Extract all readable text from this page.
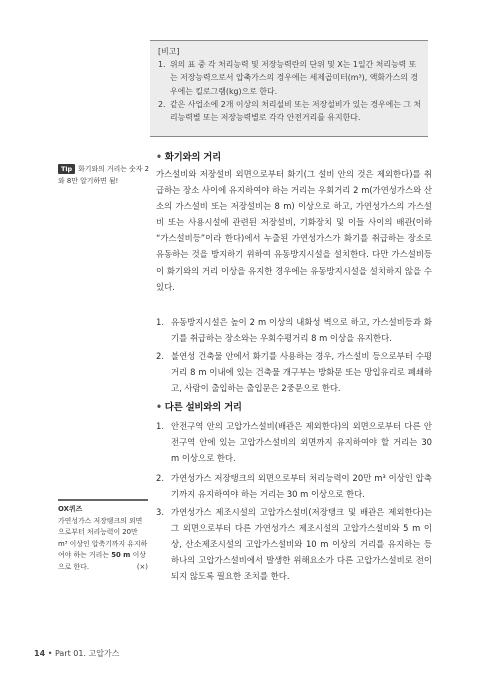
[비고]
1. 위의 표 중 각 처리능력 및 저장능력란의 단위 및 X는 1일간 처리능력 또는 저장능력으로서 압축가스의 경우에는 세제곱미터(m³), 액화가스의 경우에는 킬로그램(kg)으로 한다.
2. 같은 사업소에 2개 이상의 처리설비 또는 저장설비가 있는 경우에는 그 처리능력별 또는 저장능력별로 각각 안전거리를 유지한다.
• 화기와의 거리
가스설비와 저장설비 외면으로부터 화기(그 설비 안의 것은 제외한다)를 취급하는 장소 사이에 유지하여야 하는 거리는 우회거리 2 m(가연성가스와 산소의 가스설비 또는 저장설비는 8 m) 이상으로 하고, 가연성가스의 가스설비 또는 사용시설에 관련된 저장설비, 기화장치 및 이들 사이의 배관(이하 “가스설비등”이라 한다)에서 누출된 가연성가스가 화기를 취급하는 장소로 유동하는 것을 방지하기 위하여 유동방지시설을 설치한다. 다만 가스설비등이 화기와의 거리 이상을 유지한 경우에는 유동방지시설을 설치하지 않을 수 있다.
1. 유동방지시설은 높이 2 m 이상의 내화성 벽으로 하고, 가스설비등과 화기를 취급하는 장소와는 우회수평거리 8 m 이상을 유지한다.
2. 불연성 건축물 안에서 화기를 사용하는 경우, 가스설비 등으로부터 수평거리 8 m 이내에 있는 건축물 개구부는 방화문 또는 망입유리로 폐쇄하고, 사람이 출입하는 출입문은 2중문으로 한다.
• 다른 설비와의 거리
1. 안전구역 안의 고압가스설비(배관은 제외한다)의 외면으로부터 다른 안전구역 안에 있는 고압가스설비의 외면까지 유지하여야 할 거리는 30 m 이상으로 한다.
2. 가연성가스 저장탱크의 외면으로부터 처리능력이 20만 m³ 이상인 압축기까지 유지하여야 하는 거리는 30 m 이상으로 한다.
3. 가연성가스 제조시설의 고압가스설비(저장탱크 및 배관은 제외한다)는 그 외면으로부터 다른 가연성가스 제조시설의 고압가스설비와 5 m 이상, 산소제조시설의 고압가스설비와 10 m 이상의 거리를 유지하는 등 하나의 고압가스설비에서 발생한 위해요소가 다른 고압가스설비로 전이되지 않도록 필요한 조치를 한다.
Tip 화기와의 거리는 숫자 2와 8만 알기하면 됨!
OX퀴즈
가연성가스 저장탱크의 외면으로부터 처리능력이 20만 m³ 이상인 압축기까지 유지하여야 하는 거리는 50 m 이상으로 한다.	(×)
14 • Part 01. 고압가스
